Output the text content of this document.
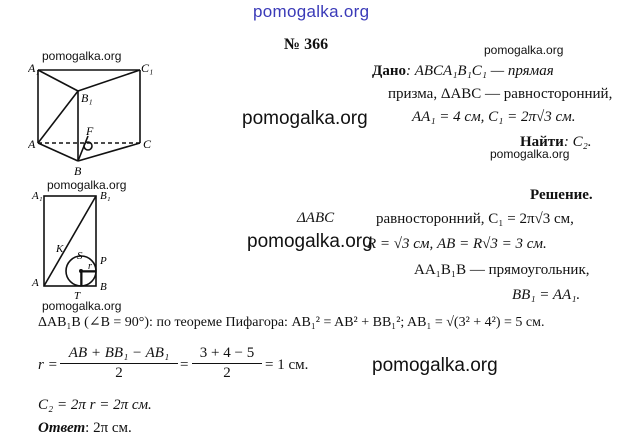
pomogalka.org
pomogalka.org	pomogalka.org
pomogalka.org
pomogalka.org
pomogalka.org
pomogalka.org
pomogalka.org
pomogalka.org
№ 366
A₁	C₁
B₁
A	C
B
F
A₁	B₁
A	B
K
S P
T
r
Дано: ABCA₁B₁C₁ — прямая
призма, ΔABC — равносторонний,
AA₁ = 4 см, C₁ = 2π√3 см.
Найти: C₂.
Решение.
ΔABC	равносторонний, C₁ = 2π√3 см,
R = √3 см, AB = R√3 = 3 см.
AA₁B₁B — прямоугольник,
BB₁ = AA₁.
ΔAB₁B (∠B = 90°): по теореме Пифагора: AB₁² = AB² + BB₁²; AB₁ = √(3² + 4²) = 5 см.
r =
AB + BB₁ − AB₁
2	=
3 + 4 − 5
2	= 1 см.
C₂ = 2π r = 2π см.
Ответ: 2π см.
